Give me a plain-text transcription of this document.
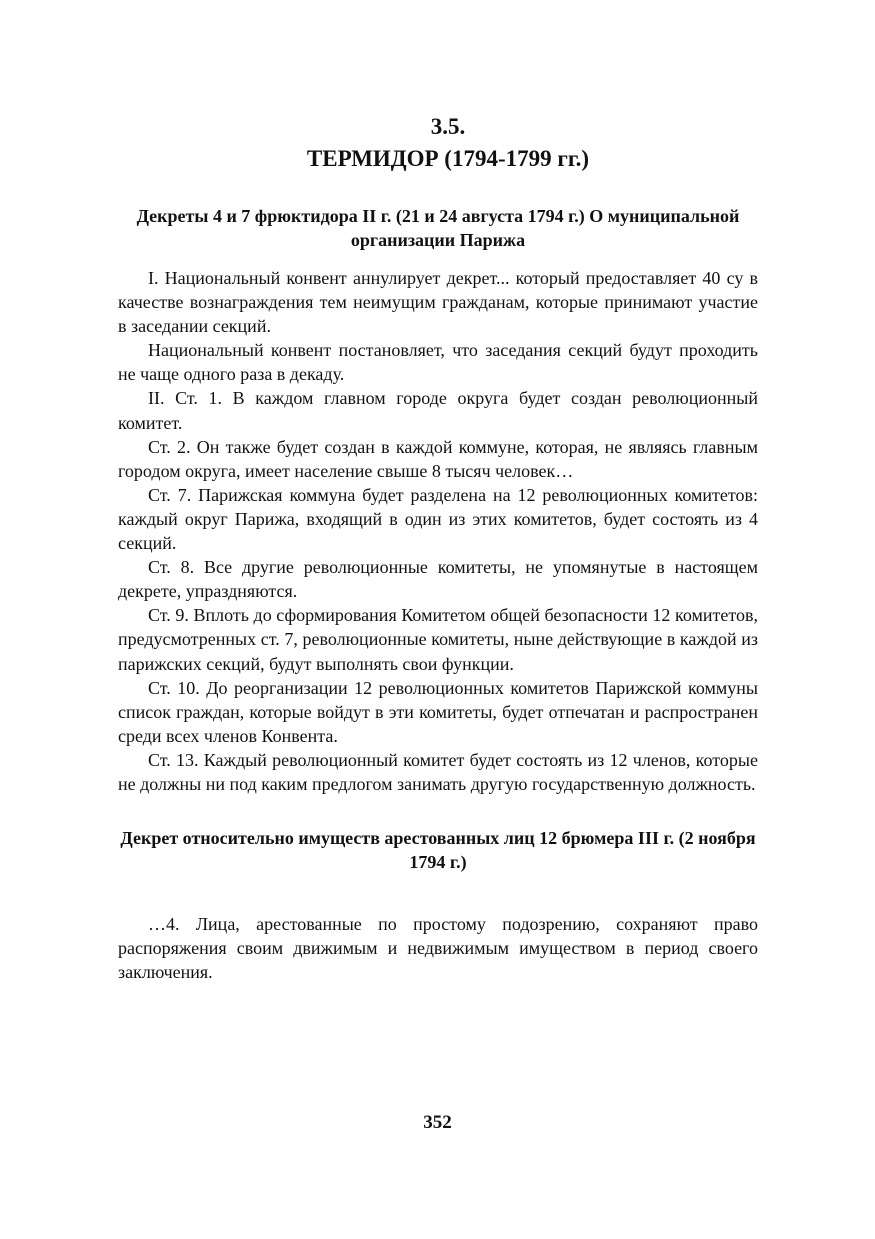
3.5.
ТЕРМИДОР (1794-1799 гг.)
Декреты 4 и 7 фрюктидора II г. (21 и 24 августа 1794 г.) О муниципальной организации Парижа

I. Национальный конвент аннулирует декрет... который предоставляет 40 су в качестве вознаграждения тем неимущим гражданам, которые принимают участие в заседании секций.

Национальный конвент постановляет, что заседания секций будут проходить не чаще одного раза в декаду.

II. Ст. 1. В каждом главном городе округа будет создан революционный комитет.

Ст. 2. Он также будет создан в каждой коммуне, которая, не являясь главным городом округа, имеет население свыше 8 тысяч человек…

Ст. 7. Парижская коммуна будет разделена на 12 революционных комитетов: каждый округ Парижа, входящий в один из этих комитетов, будет состоять из 4 секций.

Ст. 8. Все другие революционные комитеты, не упомянутые в настоящем декрете, упраздняются.

Ст. 9. Вплоть до сформирования Комитетом общей безопасности 12 комитетов, предусмотренных ст. 7, революционные комитеты, ныне действующие в каждой из парижских секций, будут выполнять свои функции.

Ст. 10. До реорганизации 12 революционных комитетов Парижской коммуны список граждан, которые войдут в эти комитеты, будет отпечатан и распространен среди всех членов Конвента.

Ст. 13. Каждый революционный комитет будет состоять из 12 членов, которые не должны ни под каким предлогом занимать другую государственную должность.

Декрет относительно имуществ арестованных лиц 12 брюмера III г. (2 ноября 1794 г.)

…4. Лица, арестованные по простому подозрению, сохраняют право распоряжения своим движимым и недвижимым имуществом в период своего заключения.

352
